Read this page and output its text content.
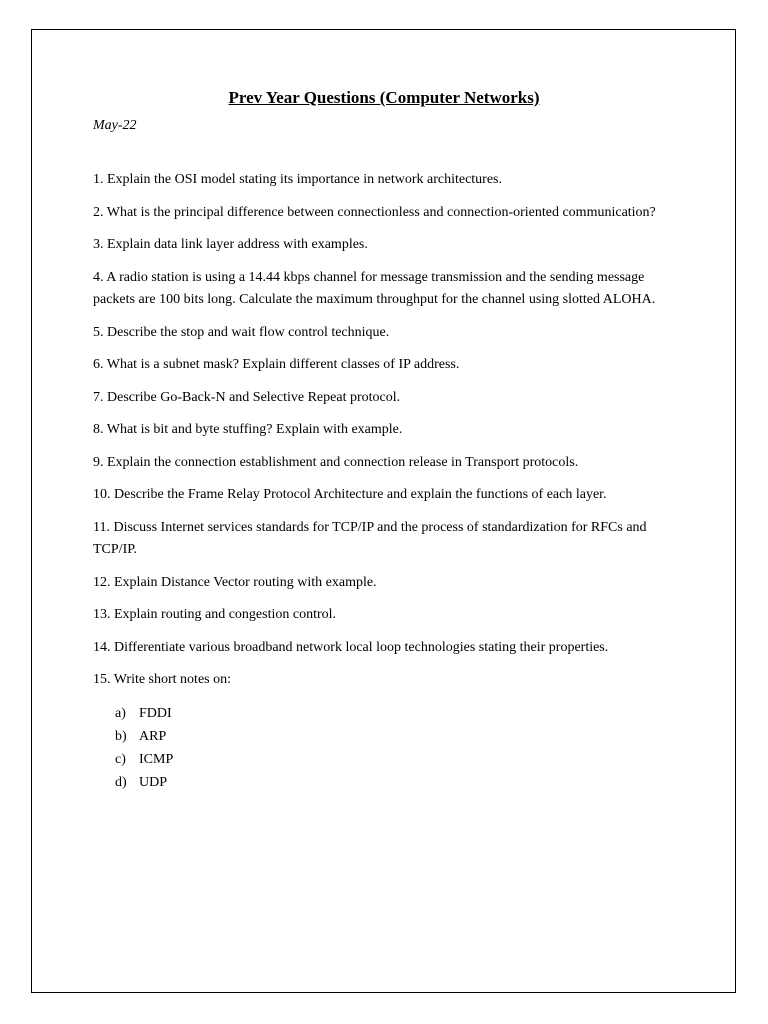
Prev Year Questions (Computer Networks)
May-22
1. Explain the OSI model stating its importance in network architectures.
2. What is the principal difference between connectionless and connection-oriented communication?
3. Explain data link layer address with examples.
4. A radio station is using a 14.44 kbps channel for message transmission and the sending message packets are 100 bits long. Calculate the maximum throughput for the channel using slotted ALOHA.
5. Describe the stop and wait flow control technique.
6. What is a subnet mask? Explain different classes of IP address.
7. Describe Go-Back-N and Selective Repeat protocol.
8. What is bit and byte stuffing? Explain with example.
9. Explain the connection establishment and connection release in Transport protocols.
10. Describe the Frame Relay Protocol Architecture and explain the functions of each layer.
11. Discuss Internet services standards for TCP/IP and the process of standardization for RFCs and TCP/IP.
12. Explain Distance Vector routing with example.
13. Explain routing and congestion control.
14. Differentiate various broadband network local loop technologies stating their properties.
15. Write short notes on:
a) FDDI
b) ARP
c) ICMP
d) UDP
